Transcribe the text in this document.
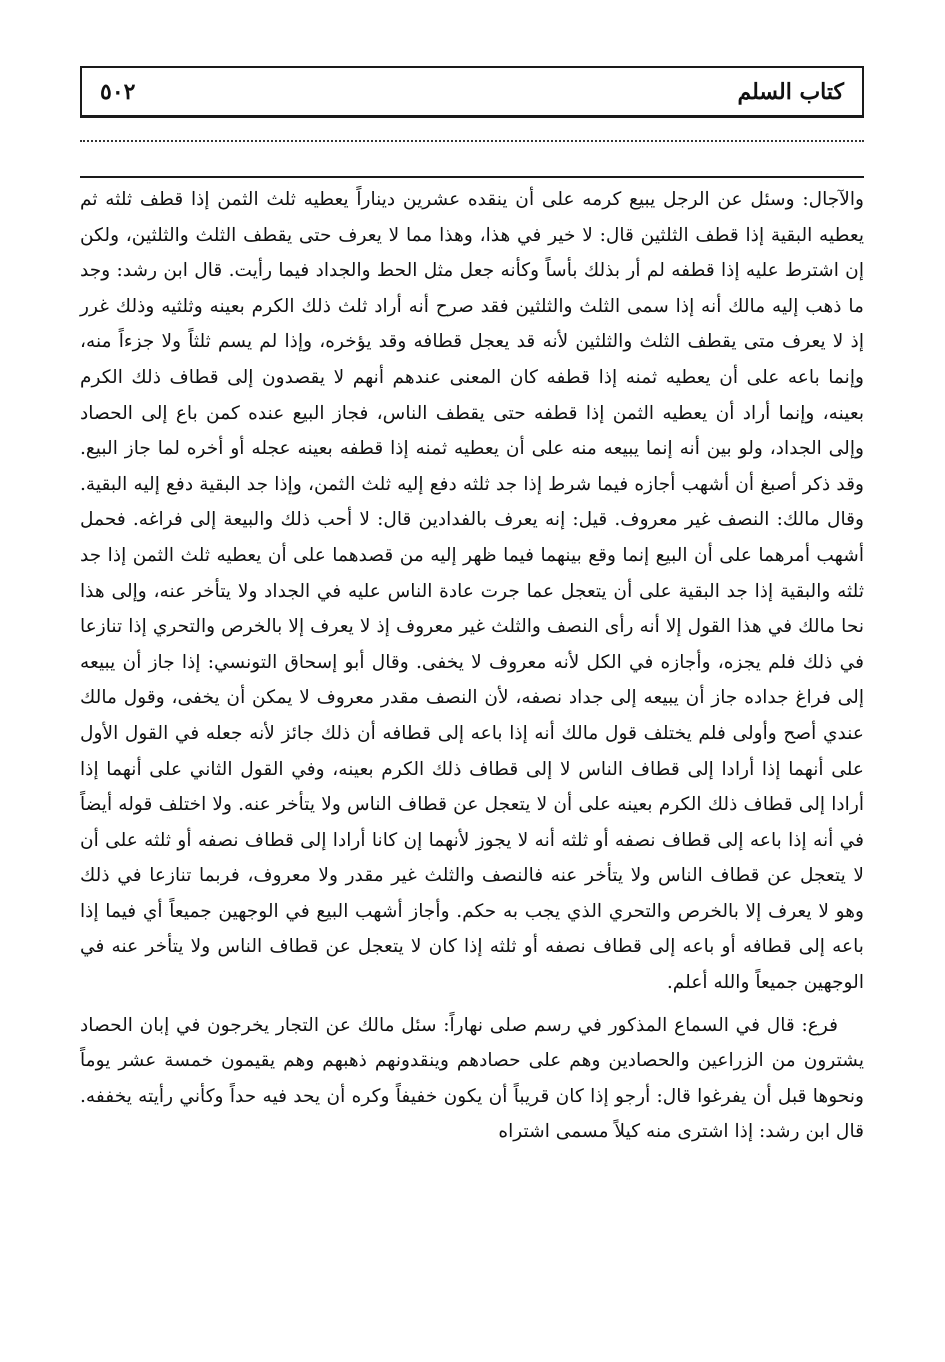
كتاب السلم
٥٠٢

والآجال: وسئل عن الرجل يبيع كرمه على أن ينقده عشرين ديناراً يعطيه ثلث الثمن إذا قطف ثلثه ثم يعطيه البقية إذا قطف الثلثين قال: لا خير في هذا، وهذا مما لا يعرف حتى يقطف الثلث والثلثين، ولكن إن اشترط عليه إذا قطفه لم أر بذلك بأساً وكأنه جعل مثل الحط والجداد فيما رأيت. قال ابن رشد: وجد ما ذهب إليه مالك أنه إذا سمى الثلث والثلثين فقد صرح أنه أراد ثلث ذلك الكرم بعينه وثلثيه وذلك غرر إذ لا يعرف متى يقطف الثلث والثلثين لأنه قد يعجل قطافه وقد يؤخره، وإذا لم يسم ثلثاً ولا جزءاً منه، وإنما باعه على أن يعطيه ثمنه إذا قطفه كان المعنى عندهم أنهم لا يقصدون إلى قطاف ذلك الكرم بعينه، وإنما أراد أن يعطيه الثمن إذا قطفه حتى يقطف الناس، فجاز البيع عنده كمن باع إلى الحصاد وإلى الجداد، ولو بين أنه إنما يبيعه منه على أن يعطيه ثمنه إذا قطفه بعينه عجله أو أخره لما جاز البيع. وقد ذكر أصبغ أن أشهب أجازه فيما شرط إذا جد ثلثه دفع إليه ثلث الثمن، وإذا جد البقية دفع إليه البقية. وقال مالك: النصف غير معروف. قيل: إنه يعرف بالفدادين قال: لا أحب ذلك والبيعة إلى فراغه. فحمل أشهب أمرهما على أن البيع إنما وقع بينهما فيما ظهر إليه من قصدهما على أن يعطيه ثلث الثمن إذا جد ثلثه والبقية إذا جد البقية على أن يتعجل عما جرت عادة الناس عليه في الجداد ولا يتأخر عنه، وإلى هذا نحا مالك في هذا القول إلا أنه رأى النصف والثلث غير معروف إذ لا يعرف إلا بالخرص والتحري إذا تنازعا في ذلك فلم يجزه، وأجازه في الكل لأنه معروف لا يخفى. وقال أبو إسحاق التونسي: إذا جاز أن يبيعه إلى فراغ جداده جاز أن يبيعه إلى جداد نصفه، لأن النصف مقدر معروف لا يمكن أن يخفى، وقول مالك عندي أصح وأولى فلم يختلف قول مالك أنه إذا باعه إلى قطافه أن ذلك جائز لأنه جعله في القول الأول على أنهما إذا أرادا إلى قطاف الناس لا إلى قطاف ذلك الكرم بعينه، وفي القول الثاني على أنهما إذا أرادا إلى قطاف ذلك الكرم بعينه على أن لا يتعجل عن قطاف الناس ولا يتأخر عنه. ولا اختلف قوله أيضاً في أنه إذا باعه إلى قطاف نصفه أو ثلثه أنه لا يجوز لأنهما إن كانا أرادا إلى قطاف نصفه أو ثلثه على أن لا يتعجل عن قطاف الناس ولا يتأخر عنه فالنصف والثلث غير مقدر ولا معروف، فربما تنازعا في ذلك وهو لا يعرف إلا بالخرص والتحري الذي يجب به حكم. وأجاز أشهب البيع في الوجهين جميعاً أي فيما إذا باعه إلى قطافه أو باعه إلى قطاف نصفه أو ثلثه إذا كان لا يتعجل عن قطاف الناس ولا يتأخر عنه في الوجهين جميعاً والله أعلم.

فرع: قال في السماع المذكور في رسم صلى نهاراً: سئل مالك عن التجار يخرجون في إبان الحصاد يشترون من الزراعين والحصادين وهم على حصادهم وينقدونهم ذهبهم وهم يقيمون خمسة عشر يوماً ونحوها قبل أن يفرغوا قال: أرجو إذا كان قريباً أن يكون خفيفاً وكره أن يحد فيه حداً وكأني رأيته يخففه. قال ابن رشد: إذا اشترى منه كيلاً مسمى اشتراه
